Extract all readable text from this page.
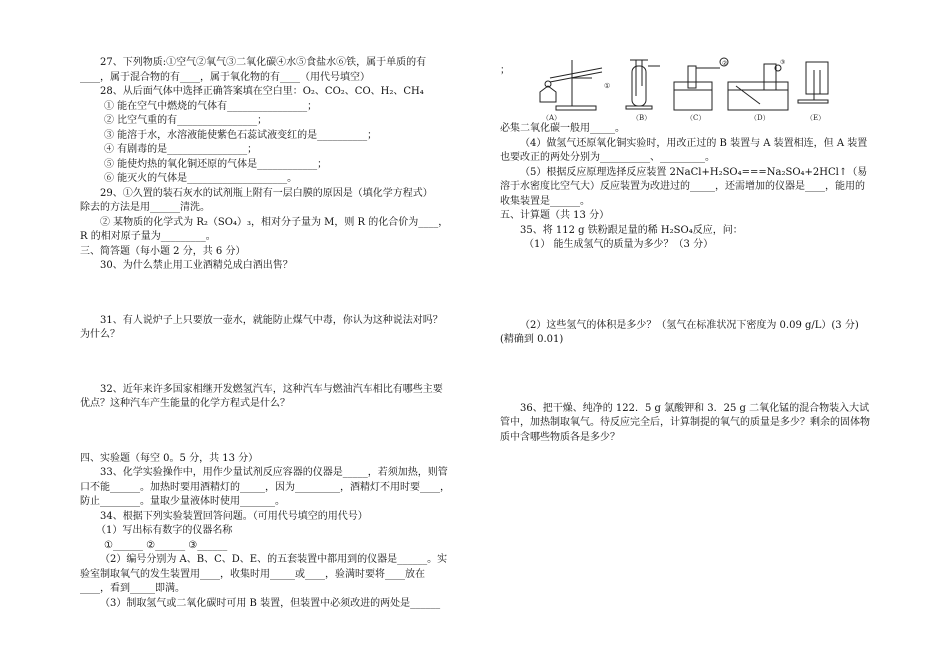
27、下列物质:①空气②氧气③二氧化碳④水⑤食盐水⑥铁，属于单质的有____，属于混合物的有____，属于氧化物的有____（用代号填空）

28、从后面气体中选择正确答案填在空白里：O₂、CO₂、CO、H₂、CH₄

① 能在空气中燃烧的气体有________________；

② 比空气重的有________________；

③ 能溶于水，水溶液能使紫色石蕊试液变红的是__________；

④ 有剧毒的是________________；

⑤ 能使灼热的氧化铜还原的气体是____________；

⑥ 能灭火的气体是____________________。

29、①久置的装石灰水的试剂瓶上附有一层白膜的原因是（填化学方程式）

除去的方法是用______清洗。

② 某物质的化学式为 R₂（SO₄）₃，相对分子量为 M，则 R 的化合价为____，R 的相对原子量为_________。

三、简答题（每小题 2 分，共 6 分）

30、为什么禁止用工业酒精兑成白酒出售？

31、有人说炉子上只要放一壶水，就能防止煤气中毒，你认为这种说法对吗？为什么？

32、近年来许多国家相继开发燃氢汽车，这种汽车与燃油汽车相比有哪些主要优点？这种汽车产生能量的化学方程式是什么？

四、实验题（每空 0。5 分，共 13 分）

33、化学实验操作中，用作少量试剂反应容器的仪器是_____，若须加热，则管口不能______。加热时要用酒精灯的_____，因为_________，酒精灯不用时要____，防止________。量取少量液体时使用_______。

34、根据下列实验装置回答问题。（可用代号填空的用代号）

（1）写出标有数字的仪器名称

①______ ②______ ③______

（2）编号分别为 A、B、C、D、E、的五套装置中都用到的仪器是______。实验室制取氧气的发生装置用____，收集时用_____或____，验满时要将____放在____，看到_____即满。

（3）制取氢气或二氧化碳时可用 B 装置，但装置中必须改进的两处是______

；
①
②	③
（A）	（B）	（C）	（D）	（E）

必集二氧化碳一般用_____。

（4）做氢气还原氧化铜实验时，用改正过的 B 装置与 A 装置相连，但 A 装置也要改正的两处分别为__________、_________。

（5）根据反应原理选择反应装置 2NaCl+H₂SO₄===Na₂SO₄+2HCl↑（易溶于水密度比空气大）反应装置为改进过的_____，还需增加的仪器是____，能用的收集装置是______。

五、计算题（共 13 分）

35、将 112 g 铁粉跟足量的稀 H₂SO₄反应，问：

（1） 能生成氢气的质量为多少？（3 分）

（2）这些氢气的体积是多少？（氢气在标准状况下密度为 0.09 g/L）(3 分)(精确到 0.01)

36、把干燥、纯净的 122．5 g 氯酸钾和 3．25 g 二氧化锰的混合物装入大试管中，加热制取氧气。待反应完全后，计算制提的氧气的质量是多少？剩余的固体物质中含哪些物质各是多少？
